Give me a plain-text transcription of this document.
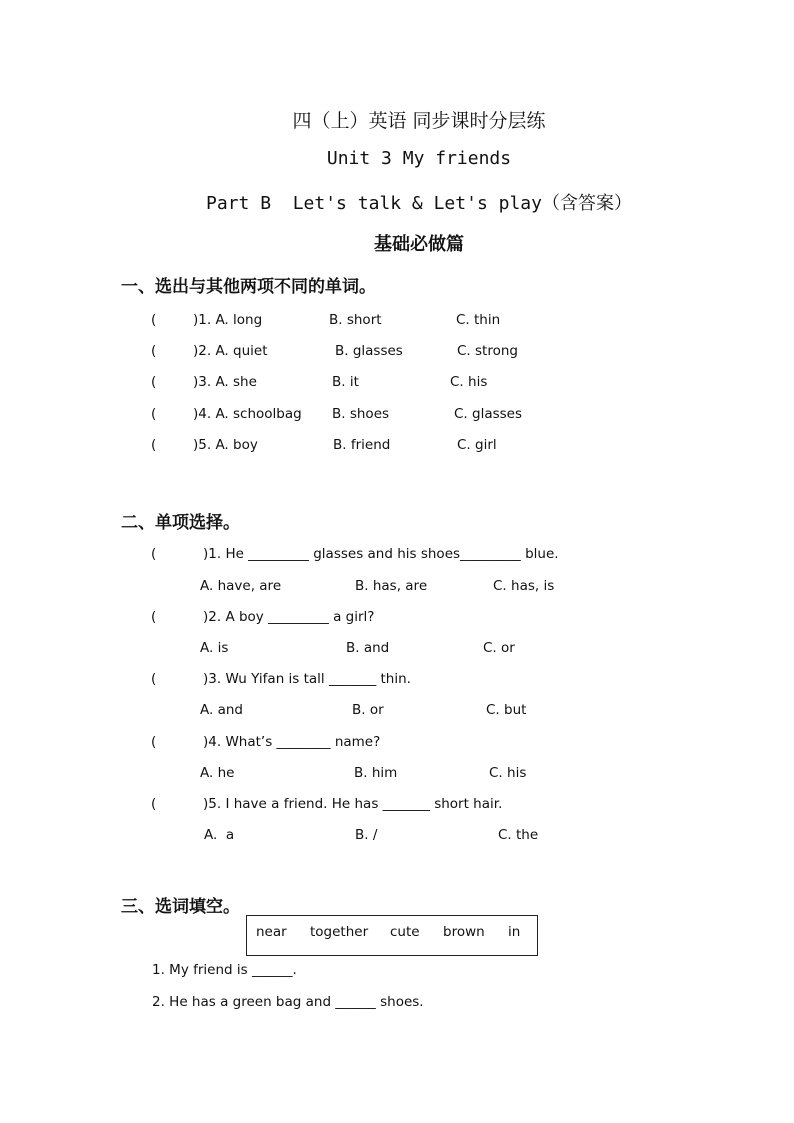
四（上）英语 同步课时分层练
Unit 3 My friends
Part B  Let's talk & Let's play（含答案）
基础必做篇
一、选出与其他两项不同的单词。
(	)1. A. long	B. short	C. thin
(	)2. A. quiet	B. glasses	C. strong
(	)3. A. she	B. it	C. his
(	)4. A. schoolbag B. shoes	C. glasses
(	)5. A. boy	B. friend	C. girl
二、单项选择。
(	)1. He _________ glasses and his shoes_________ blue.
A. have, are	B. has, are	C. has, is
(	)2. A boy _________ a girl?
A. is	B. and	C. or
(	)3. Wu Yifan is tall _______ thin.
A. and	B. or	C. but
(	)4. What’s ________ name?
A. he	B. him	C. his
(	)5. I have a friend. He has _______ short hair.
A.  a	B. /	C. the
三、选词填空。
near together cute brown in
1. My friend is ______.
2. He has a green bag and ______ shoes.
